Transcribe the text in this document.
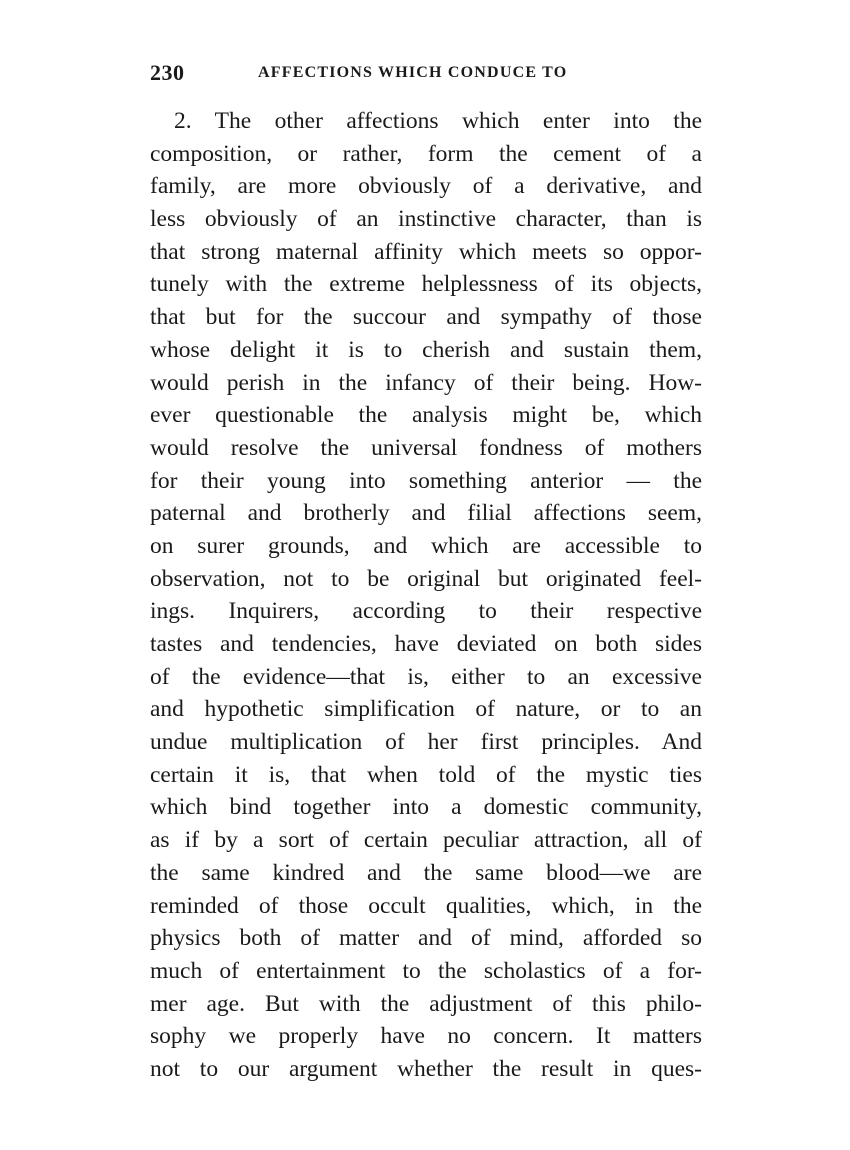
230	AFFECTIONS WHICH CONDUCE TO
2. The other affections which enter into the
composition, or rather, form the cement of a
family, are more obviously of a derivative, and
less obviously of an instinctive character, than is
that strong maternal affinity which meets so oppor-
tunely with the extreme helplessness of its objects,
that but for the succour and sympathy of those
whose delight it is to cherish and sustain them,
would perish in the infancy of their being. How-
ever questionable the analysis might be, which
would resolve the universal fondness of mothers
for their young into something anterior — the
paternal and brotherly and filial affections seem,
on surer grounds, and which are accessible to
observation, not to be original but originated feel-
ings. Inquirers, according to their respective
tastes and tendencies, have deviated on both sides
of the evidence—that is, either to an excessive
and hypothetic simplification of nature, or to an
undue multiplication of her first principles. And
certain it is, that when told of the mystic ties
which bind together into a domestic community,
as if by a sort of certain peculiar attraction, all of
the same kindred and the same blood—we are
reminded of those occult qualities, which, in the
physics both of matter and of mind, afforded so
much of entertainment to the scholastics of a for-
mer age. But with the adjustment of this philo-
sophy we properly have no concern. It matters
not to our argument whether the result in ques-
